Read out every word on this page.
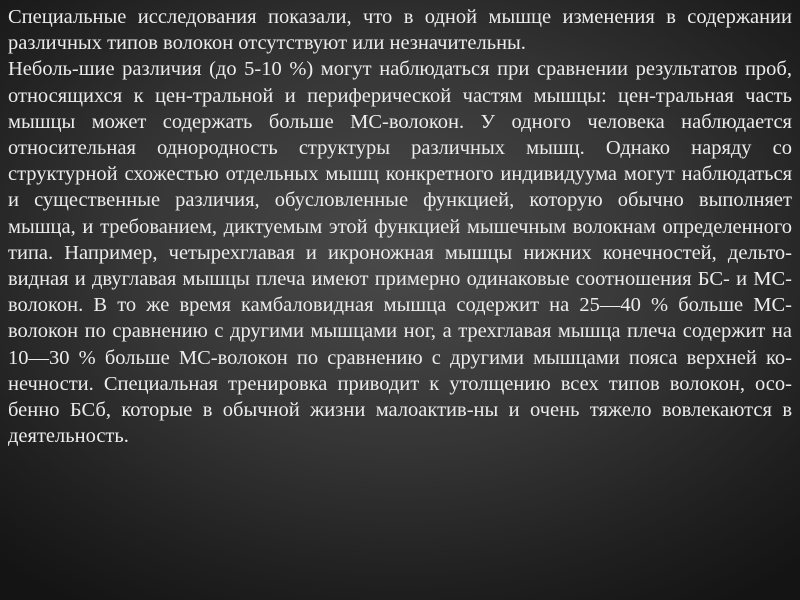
Специальные исследования показали, что в одной мышце изменения в содержании различных типов волокон отсутствуют или незначительны.

Неболь-шие различия (до 5-10 %) могут наблюдаться при сравнении результатов проб, относящихся к цен-тральной и периферической частям мышцы: цен-тральная часть мышцы может содержать больше МС-волокон. У одного человека наблюдается относительная однородность структуры различных мышц. Однако наряду со структурной схожестью отдельных мышц конкретного индивидуума могут наблюдаться и существенные различия, обусловленные функцией, которую обычно выполняет мышца, и требованием, диктуемым этой функцией мышечным волокнам определенного типа. Например, четырехглавая и икроножная мышцы нижних конечностей, дельто-видная и двуглавая мышцы плеча имеют примерно одинаковые соотношения БС- и МС-волокон. В то же время камбаловидная мышца содержит на 25—40 % больше МС-волокон по сравнению с другими мышцами ног, а трехглавая мышца плеча содержит на 10—30 % больше МС-волокон по сравнению с другими мышцами пояса верхней ко-нечности. Специальная тренировка приводит к утолщению всех типов волокон, осо-бенно БСб, которые в обычной жизни малоактив-ны и очень тяжело вовлекаются в деятельность.
